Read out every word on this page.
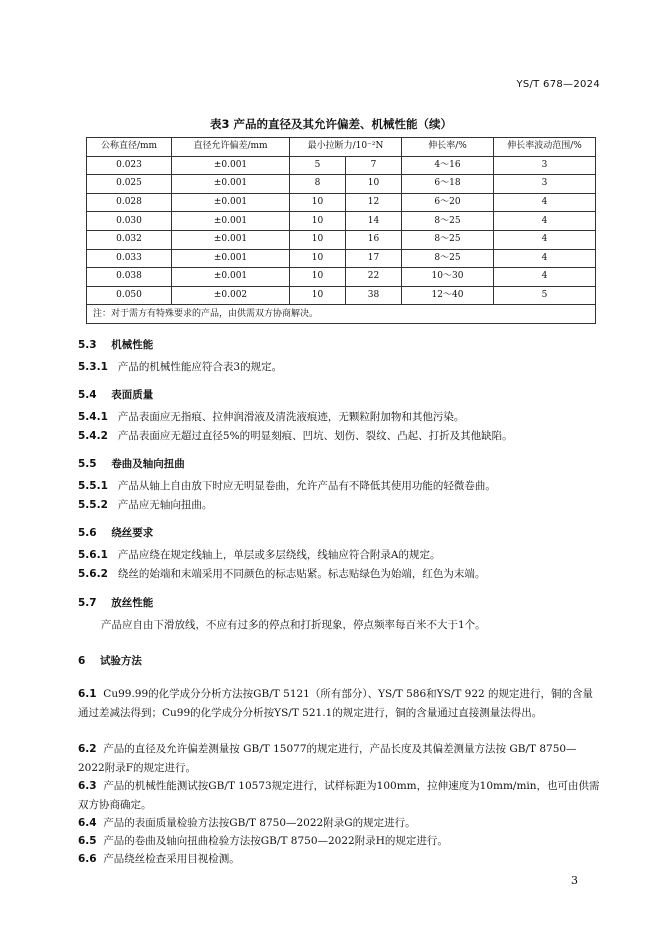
YS/T 678—2024
表3 产品的直径及其允许偏差、机械性能（续）
公称直径/mm	直径允许偏差/mm	最小拉断力/10⁻²N		伸长率/%	伸长率波动范围/%
0.023	±0.001	5	7	4～16	3
0.025	±0.001	8	10	6～18	3
0.028	±0.001	10	12	6～20	4
0.030	±0.001	10	14	8～25	4
0.032	±0.001	10	16	8～25	4
0.033	±0.001	10	17	8～25	4
0.038	±0.001	10	22	10～30	4
0.050	±0.002	10	38	12～40	5
注：对于需方有特殊要求的产品，由供需双方协商解决。					
5.3 机械性能
5.3.1 产品的机械性能应符合表3的规定。
5.4 表面质量
5.4.1 产品表面应无指痕、拉伸润滑液及清洗液痕迹，无颗粒附加物和其他污染。
5.4.2 产品表面应无超过直径5%的明显刻痕、凹坑、划伤、裂纹、凸起、打折及其他缺陷。
5.5 卷曲及轴向扭曲
5.5.1 产品从轴上自由放下时应无明显卷曲，允许产品有不降低其使用功能的轻微卷曲。
5.5.2 产品应无轴向扭曲。
5.6 绕丝要求
5.6.1 产品应绕在规定线轴上，单层或多层绕线，线轴应符合附录A的规定。
5.6.2 绕丝的始端和末端采用不同颜色的标志贴紧。标志贴绿色为始端，红色为末端。
5.7 放丝性能
产品应自由下滑放线，不应有过多的停点和打折现象，停点频率每百米不大于1个。
6 试验方法
6.1 Cu99.99的化学成分分析方法按GB/T 5121（所有部分）、YS/T 586和YS/T 922 的规定进行，铜的含量通过差减法得到；Cu99的化学成分分析按YS/T 521.1的规定进行，铜的含量通过直接测量法得出。
6.2 产品的直径及允许偏差测量按 GB/T 15077的规定进行，产品长度及其偏差测量方法按 GB/T 8750—2022附录F的规定进行。
6.3 产品的机械性能测试按GB/T 10573规定进行，试样标距为100mm，拉伸速度为10mm/min，也可由供需双方协商确定。
6.4 产品的表面质量检验方法按GB/T 8750—2022附录G的规定进行。
6.5 产品的卷曲及轴向扭曲检验方法按GB/T 8750—2022附录H的规定进行。
6.6 产品绕丝检查采用目视检测。
3
